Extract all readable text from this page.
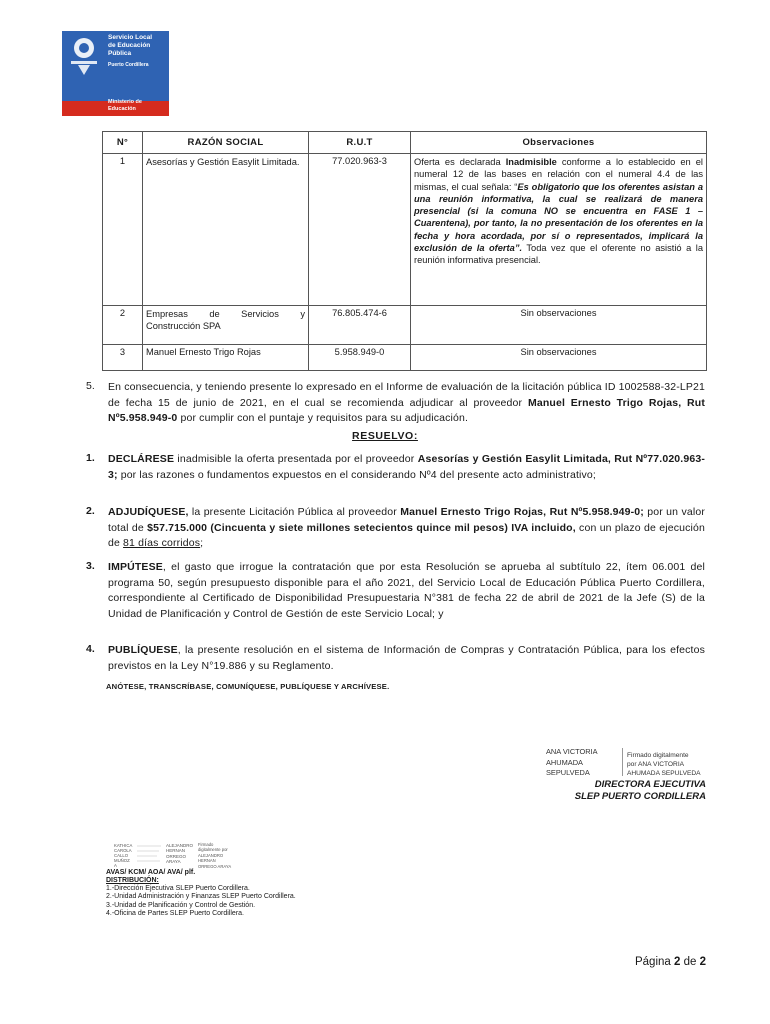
Servicio Local
de Educación
Pública
Puerto Cordillera
Ministerio de
Educación
N°	RAZÓN SOCIAL	R.U.T	Observaciones
1	Asesorías y Gestión Easylit Limitada.	77.020.963-3	Oferta es declarada Inadmisible conforme a lo establecido en el numeral 12 de las bases en relación con el numeral 4.4 de las mismas, el cual señala: “Es obligatorio que los oferentes asistan a una reunión informativa, la cual se realizará de manera presencial (si la comuna NO se encuentra en FASE 1 – Cuarentena), por tanto, la no presentación de los oferentes en la fecha y hora acordada, por sí o representados, implicará la exclusión de la oferta”. Toda vez que el oferente no asistió a la reunión informativa presencial.
2	Empresas de Servicios y Construcción SPA	76.805.474-6	Sin observaciones
3	Manuel Ernesto Trigo Rojas	5.958.949-0	Sin observaciones
5. En consecuencia, y teniendo presente lo expresado en el Informe de evaluación de la licitación pública ID 1002588-32-LP21 de fecha 15 de junio de 2021, en el cual se recomienda adjudicar al proveedor Manuel Ernesto Trigo Rojas, Rut Nº5.958.949-0 por cumplir con el puntaje y requisitos para su adjudicación.
RESUELVO:
1. DECLÁRESE inadmisible la oferta presentada por el proveedor Asesorías y Gestión Easylit Limitada, Rut Nº77.020.963-3; por las razones o fundamentos expuestos en el considerando Nº4 del presente acto administrativo;
2. ADJUDÍQUESE, la presente Licitación Pública al proveedor Manuel Ernesto Trigo Rojas, Rut Nº5.958.949-0; por un valor total de $57.715.000 (Cincuenta y siete millones setecientos quince mil pesos) IVA incluido, con un plazo de ejecución de 81 días corridos;
3. IMPÚTESE, el gasto que irrogue la contratación que por esta Resolución se aprueba al subtítulo 22, ítem 06.001 del programa 50, según presupuesto disponible para el año 2021, del Servicio Local de Educación Pública Puerto Cordillera, correspondiente al Certificado de Disponibilidad Presupuestaria N°381 de fecha 22 de abril de 2021 de la Jefe (S) de la Unidad de Planificación y Control de Gestión de este Servicio Local; y
4. PUBLÍQUESE, la presente resolución en el sistema de Información de Compras y Contratación Pública, para los efectos previstos en la Ley N°19.886 y su Reglamento.
ANÓTESE, TRANSCRÍBASE, COMUNÍQUESE, PUBLÍQUESE Y ARCHÍVESE.
ANA VICTORIA
AHUMADA
SEPULVEDA
Firmado digitalmente
por ANA VICTORIA
AHUMADA SEPULVEDA
DIRECTORA EJECUTIVA
SLEP PUERTO CORDILLERA
KATHICA
CAROLA
CALLO
MUÑOZ
A
ALEJANDRO
HERNAN
ORREGO
ARAYA
Firmado
digitalmente por
ALEJANDRO
HERNAN
ORREGO ARAYA
AVAS/ KCM/ AOA/ AVA/ plf.
DISTRIBUCIÓN:
1.-Dirección Ejecutiva SLEP Puerto Cordillera.
2.-Unidad Administración y Finanzas SLEP Puerto Cordillera.
3.-Unidad de Planificación y Control de Gestión.
4.-Oficina de Partes SLEP Puerto Cordillera.
Página 2 de 2
